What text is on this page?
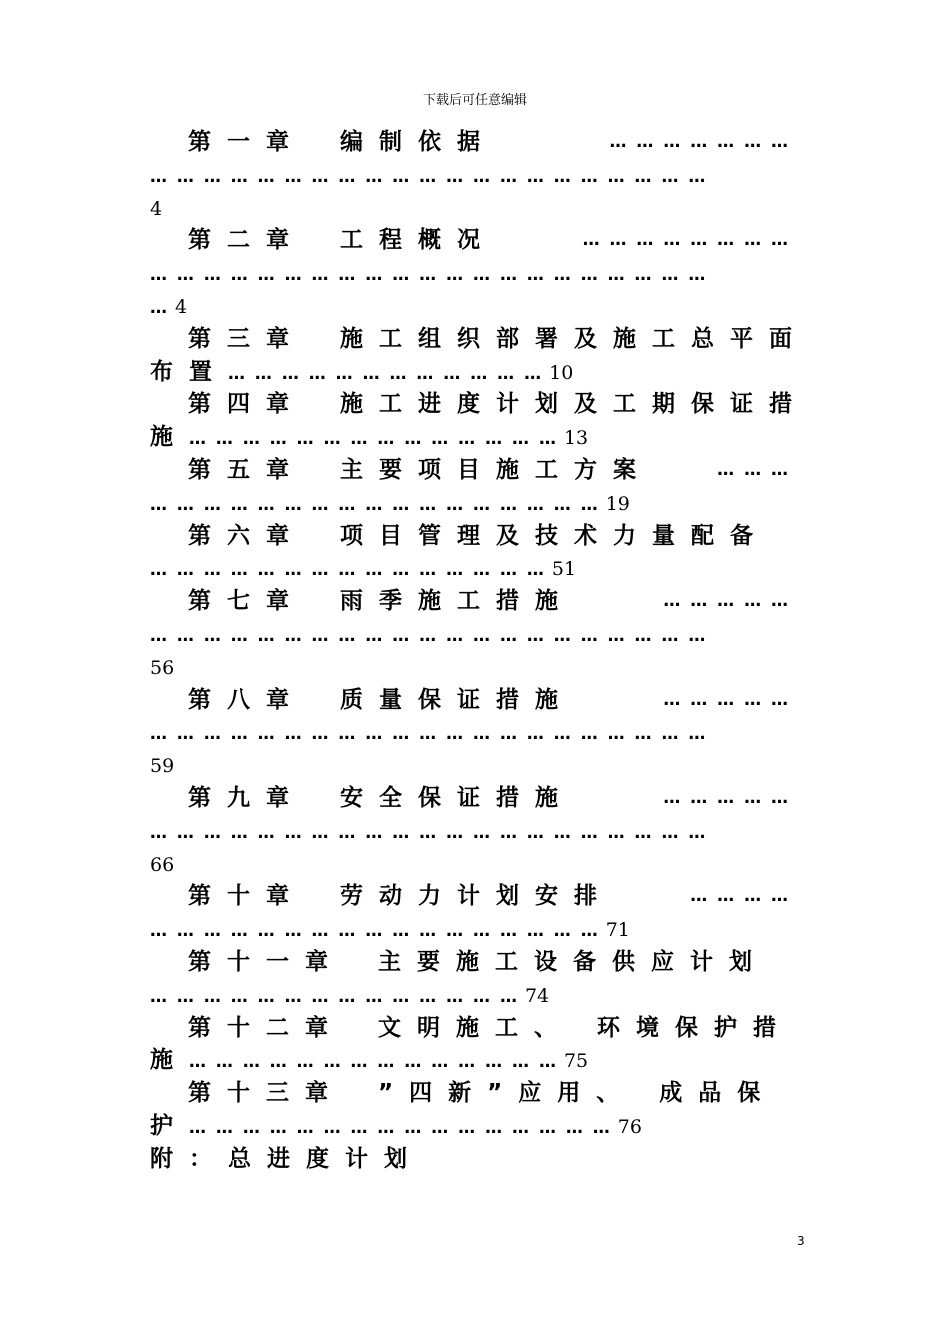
下载后可任意编辑
第一章 编制依据	… … … … … … …
… … … … … … … … … … … … … … … … … … … … …
4
第二章 工程概况	… … … … … … … …
… … … … … … … … … … … … … … … … … … … … …
… 4
第三章 施工组织部署及施工总平面
布置… … … … … … … … … … … … 10
第四章 施工进度计划及工期保证措
施… … … … … … … … … … … … … … 13
第五章 主要项目施工方案	… … …
… … … … … … … … … … … … … … … … … 19
第六章 项目管理及技术力量配备
… … … … … … … … … … … … … … … 51
第七章 雨季施工措施	… … … … …
… … … … … … … … … … … … … … … … … … … … …
56
第八章 质量保证措施	… … … … …
… … … … … … … … … … … … … … … … … … … … …
59
第九章 安全保证措施	… … … … …
… … … … … … … … … … … … … … … … … … … … …
66
第十章 劳动力计划安排	… … … …
… … … … … … … … … … … … … … … … … 71
第十一章 主要施工设备供应计划
… … … … … … … … … … … … … … 74
第十二章 文明施工、 环境保护措
施… … … … … … … … … … … … … … 75
第十三章 ”四新”应用、 成品保
护… … … … … … … … … … … … … … … … 76
附：总进度计划
3
